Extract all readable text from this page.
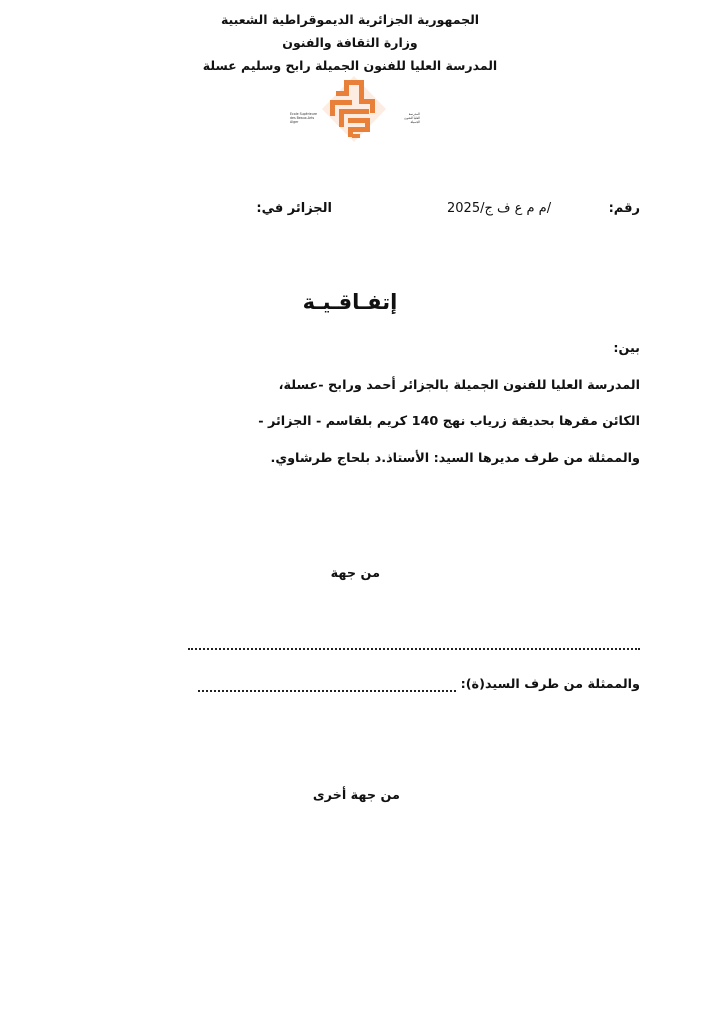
الجمهورية الجزائرية الديموقراطية الشعبية
وزارة الثقافة والفنون
المدرسة العليا للفنون الجميلة رابح وسليم عسلة
Ecole Supérieure
des Beaux-Arts
Alger
المدرسة
العليا للفنون
الجميلة
رقم:
/م م ع ف ج/2025
الجزائر في:
إتفـاقـيـة
بين:
المدرسة العليا للفنون الجميلة بالجزائر أحمد ورابح -عسلة،
الكائن مقرها بحديقة زرياب نهج 140 كريم بلقاسم - الجزائر -
والممثلة من طرف مديرها السيد: الأستاذ.د بلحاج طرشاوي.
من جهة
والممثلة من طرف السيد(ة):
من جهة أخرى
